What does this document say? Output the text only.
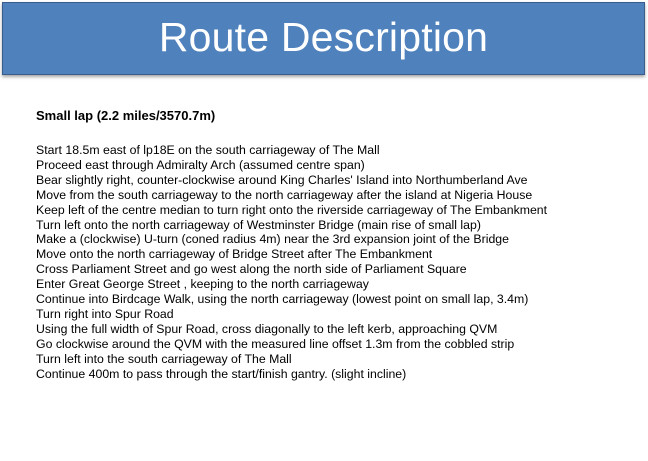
Route Description
Small lap (2.2 miles/3570.7m)
Start 18.5m east of lp18E on the south carriageway of The Mall
Proceed east through Admiralty Arch (assumed centre span)
Bear slightly right, counter-clockwise around King Charles' Island into Northumberland Ave
Move from the south carriageway to the north carriageway after the island at Nigeria House
Keep left of the centre median to turn right onto the riverside carriageway of The Embankment
Turn left onto the north carriageway of Westminster Bridge (main rise of small lap)
Make a (clockwise) U-turn (coned radius 4m) near the 3rd expansion joint of the Bridge
Move onto the north carriageway of Bridge Street after The Embankment
Cross Parliament Street and go west along the north side of Parliament Square
Enter Great George Street , keeping to the north carriageway
Continue into Birdcage Walk, using the north carriageway (lowest point on small lap, 3.4m)
Turn right into Spur Road
Using the full width of Spur Road, cross diagonally to the left kerb, approaching QVM
Go clockwise around the QVM with the measured line offset 1.3m from the cobbled strip
Turn left into the south carriageway of The Mall
Continue 400m to pass through the start/finish gantry. (slight incline)
